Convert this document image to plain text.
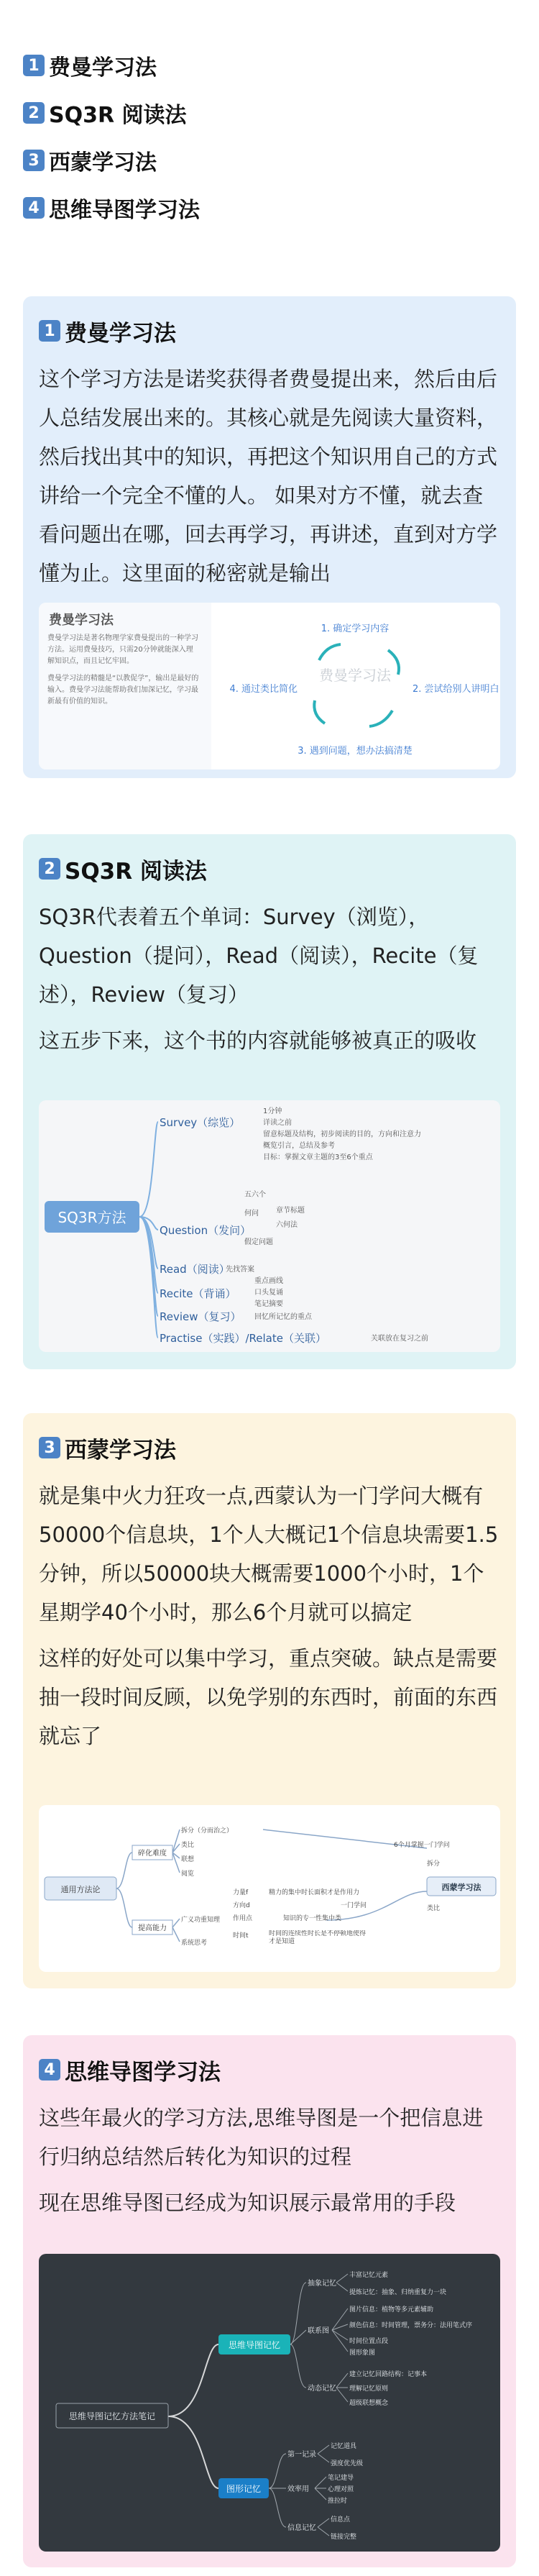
1 费曼学习法
2 SQ3R 阅读法
3 西蒙学习法
4 思维导图学习法
1 费曼学习法

这个学习方法是诺奖获得者费曼提出来，然后由后人总结发展出来的。其核心就是先阅读大量资料，然后找出其中的知识，再把这个知识用自己的方式讲给一个完全不懂的人。 如果对方不懂，就去查看问题出在哪，回去再学习，再讲述，直到对方学懂为止。这里面的秘密就是输出

费曼学习法
费曼学习法是著名物理学家费曼提出的一种学习方法。运用费曼技巧，只需20分钟就能深入理解知识点，而且记忆牢固。
费曼学习法的精髓是“以教促学”，输出是最好的输入。费曼学习法能帮助我们加深记忆，学习最新最有价值的知识。
费曼学习法
1. 确定学习内容
2. 尝试给别人讲明白
3. 遇到问题，想办法搞清楚
4. 通过类比简化
2 SQ3R 阅读法

SQ3R代表着五个单词：Survey（浏览），Question（提问），Read（阅读），Recite（复述），Review（复习）

这五步下来，这个书的内容就能够被真正的吸收

SQ3R方法
Survey（综览）
1分钟
详读之前
留意标题及结构，初步阅读的目的，方向和注意力
概览引言，总结及参考
目标：掌握文章主题的3至6个重点
Question（发问）
五六个
何问 章节标题
六何法
假定问题
Read（阅读）
先找答案
Recite（背诵）
重点画线
口头复诵
笔记摘要
Review（复习） 回忆所记忆的重点
Practise（实践）/Relate（关联）	关联放在复习之前
3 西蒙学习法

就是集中火力狂攻一点,西蒙认为一门学问大概有 50000个信息块，1个人大概记1个信息块需要1.5分钟，所以50000块大概需要1000个小时，1个星期学40个小时，那么6个月就可以搞定

这样的好处可以集中学习，重点突破。缺点是需要抽一段时间反顾，以免学别的东西时，前面的东西就忘了

通用方法论
碎化难度
提高能力
拆分（分而治之）
类比
联想
阅览
广义功重知理
系统思考
力量f
方向d
作用点
时间t
精力的集中时长面积才是作用力
一门学问
知识的专一性集中类
时间的连续性时长是不停顿地使得才是知道
西蒙学习法
6个月掌握一门学问
拆分
类比
4 思维导图学习法

这些年最火的学习方法,思维导图是一个把信息进行归纳总结然后转化为知识的过程

现在思维导图已经成为知识展示最常用的手段

思维导图记忆方法笔记
思维导图记忆
图形记忆
抽象记忆
丰富记忆元素
提炼记忆：抽象、归纳重复力一块
联系图
图片信息：植物等多元素辅助
颜色信息：时间管理，票务分：法用笔式序
时间位置点段
图形象图
动态记忆
建立记忆回路结构：记事本
理解记忆原则
超级联想概念
第一记录
记忆道具
强度优先级
效率用
笔记建导
心理对照
推拉时
信息记忆
信息点
链接完整
